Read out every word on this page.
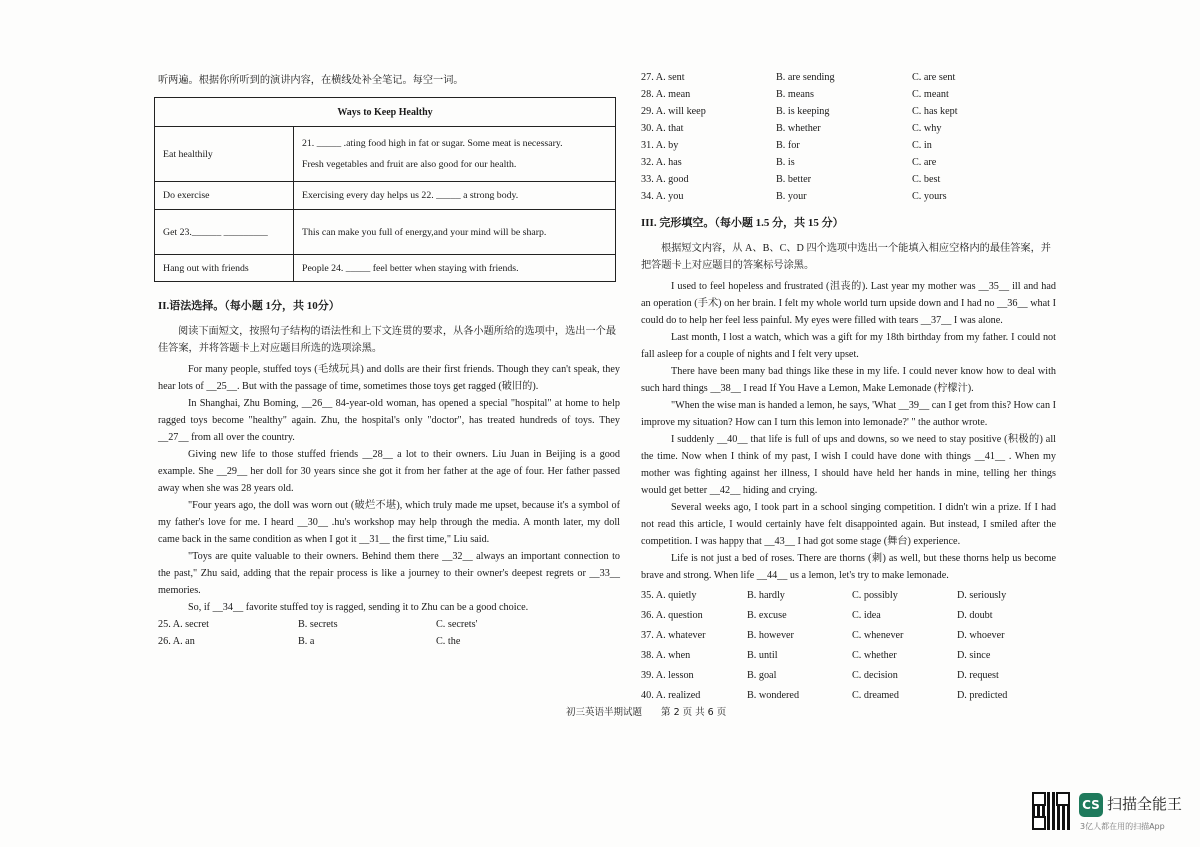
听两遍。根据你所听到的演讲内容，在横线处补全笔记。每空一词。
Ways to Keep Healthy	
Eat healthily	21. _____ .ating food high in fat or sugar. Some meat is necessary.
Fresh vegetables and fruit are also good for our health.

Do exercise	Exercising every day helps us 22. _____ a strong body.
Get 23.______ _________	This can make you full of energy,and your mind will be sharp.
Hang out with friends	People 24. _____ feel better when staying with friends.
II.语法选择。（每小题 1分，共 10分）
阅读下面短文，按照句子结构的语法性和上下文连贯的要求，从各小题所给的选项中，选出一个最佳答案，并将答题卡上对应题目所选的选项涂黑。

For many people, stuffed toys (毛绒玩具) and dolls are their first friends. Though they can't speak, they hear lots of __25__. But with the passage of time, sometimes those toys get ragged (破旧的).

In Shanghai, Zhu Boming, __26__ 84-year-old woman, has opened a special "hospital" at home to help ragged toys become "healthy" again. Zhu, the hospital's only "doctor", has treated hundreds of toys. They __27__ from all over the country.

Giving new life to those stuffed friends __28__ a lot to their owners. Liu Juan in Beijing is a good example. She __29__ her doll for 30 years since she got it from her father at the age of four. Her father passed away when she was 28 years old.

"Four years ago, the doll was worn out (破烂不堪), which truly made me upset, because it's a symbol of my father's love for me. I heard __30__ .hu's workshop may help through the media. A month later, my doll came back in the same condition as when I got it __31__ the first time," Liu said.

"Toys are quite valuable to their owners. Behind them there __32__ always an important connection to the past," Zhu said, adding that the repair process is like a journey to their owner's deepest regrets or __33__ memories.

So, if __34__ favorite stuffed toy is ragged, sending it to Zhu can be a good choice.

25. A. secret	B. secrets	C. secrets'
26. A. an	B. a	C. the
27. A. sent	B. are sending	C. are sent
28. A. mean	B. means	C. meant
29. A. will keep	B. is keeping	C. has kept
30. A. that	B. whether	C. why
31. A. by	B. for	C. in
32. A. has	B. is	C. are
33. A. good	B. better	C. best
34. A. you	B. your	C. yours
III. 完形填空。（每小题 1.5 分，共 15 分）
根据短文内容，从 A、B、C、D 四个选项中选出一个能填入相应空格内的最佳答案，并把答题卡上对应题目的答案标号涂黑。

I used to feel hopeless and frustrated (沮丧的). Last year my mother was __35__ ill and had an operation (手术) on her brain. I felt my whole world turn upside down and I had no __36__ what I could do to help her feel less painful. My eyes were filled with tears __37__ I was alone.

Last month, I lost a watch, which was a gift for my 18th birthday from my father. I could not fall asleep for a couple of nights and I felt very upset.

There have been many bad things like these in my life. I could never know how to deal with such hard things __38__ I read If You Have a Lemon, Make Lemonade (柠檬汁).

"When the wise man is handed a lemon, he says, 'What __39__ can I get from this? How can I improve my situation? How can I turn this lemon into lemonade?' " the author wrote.

I suddenly __40__ that life is full of ups and downs, so we need to stay positive (积极的) all the time. Now when I think of my past, I wish I could have done with things __41__ . When my mother was fighting against her illness, I should have held her hands in mine, telling her things would get better __42__ hiding and crying.

Several weeks ago, I took part in a school singing competition. I didn't win a prize. If I had not read this article, I would certainly have felt disappointed again. But instead, I smiled after the competition. I was happy that __43__ I had got some stage (舞台) experience.

Life is not just a bed of roses. There are thorns (刺) as well, but these thorns help us become brave and strong. When life __44__ us a lemon, let's try to make lemonade.

35. A. quietly	B. hardly	C. possibly	D. seriously
36. A. question	B. excuse	C. idea	D. doubt
37. A. whatever	B. however	C. whenever	D. whoever
38. A. when	B. until	C. whether	D. since
39. A. lesson	B. goal	C. decision	D. request
40. A. realized	B. wondered	C. dreamed	D. predicted
初三英语半期试题 第 2 页 共 6 页
CS 扫描全能王
3亿人都在用的扫描App
